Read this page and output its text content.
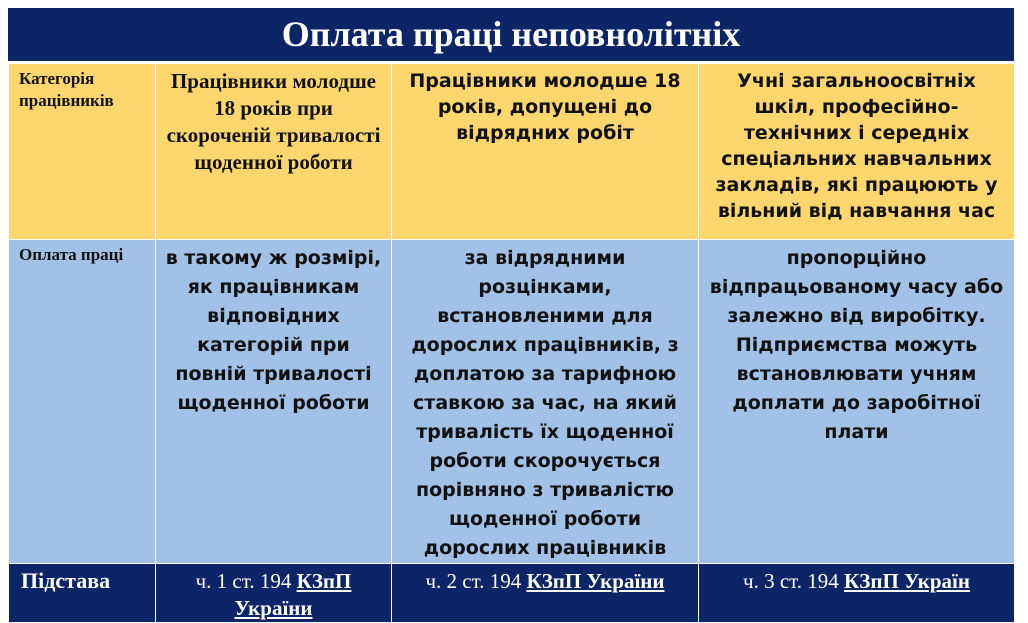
Оплата праці неповнолітніх
Категорія працівників	Працівники молодше 18 років при скороченій тривалості щоденної роботи	Працівники молодше 18 років, допущені до відрядних робіт	Учні загальноосвітніх шкіл, професійно-технічних і середніх спеціальних навчальних закладів, які працюють у вільний від навчання час

Оплата праці	в такому ж розмірі, як працівникам відповідних категорій при повній тривалості щоденної роботи	за відрядними розцінками, встановленими для дорослих працівників, з доплатою за тарифною ставкою за час, на який тривалість їх щоденної роботи скорочується порівняно з тривалістю щоденної роботи дорослих працівників	пропорційно відпрацьованому часу або залежно від виробітку. Підприємства можуть встановлювати учням доплати до заробітної плати

Підстава	ч. 1 ст. 194 КЗпП України	ч. 2 ст. 194 КЗпП України	ч. 3 ст. 194 КЗпП Україн
